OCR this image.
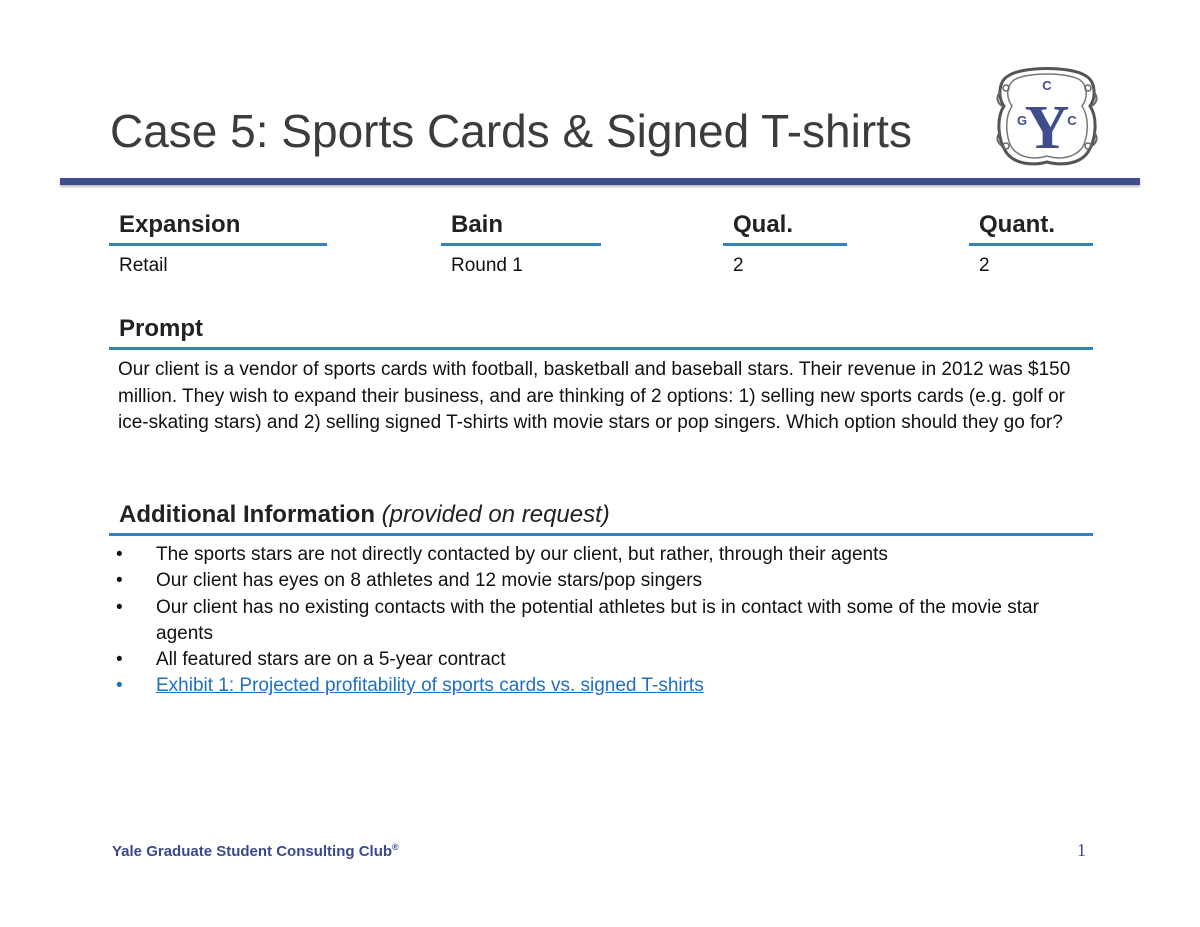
Case 5: Sports Cards & Signed T-shirts
C
Y
G	C
Expansion
Retail
Bain
Round 1
Qual.
2
Quant.
2
Prompt
Our client is a vendor of sports cards with football, basketball and baseball stars. Their revenue in 2012 was $150 million. They wish to expand their business, and are thinking of 2 options: 1) selling new sports cards (e.g. golf or ice-skating stars) and 2) selling signed T-shirts with movie stars or pop singers. Which option should they go for?
Additional Information (provided on request)
• The sports stars are not directly contacted by our client, but rather, through their agents
• Our client has eyes on 8 athletes and 12 movie stars/pop singers
• Our client has no existing contacts with the potential athletes but is in contact with some of the movie star agents
• All featured stars are on a 5-year contract
• Exhibit 1: Projected profitability of sports cards vs. signed T-shirts
Yale Graduate Student Consulting Club®	1
